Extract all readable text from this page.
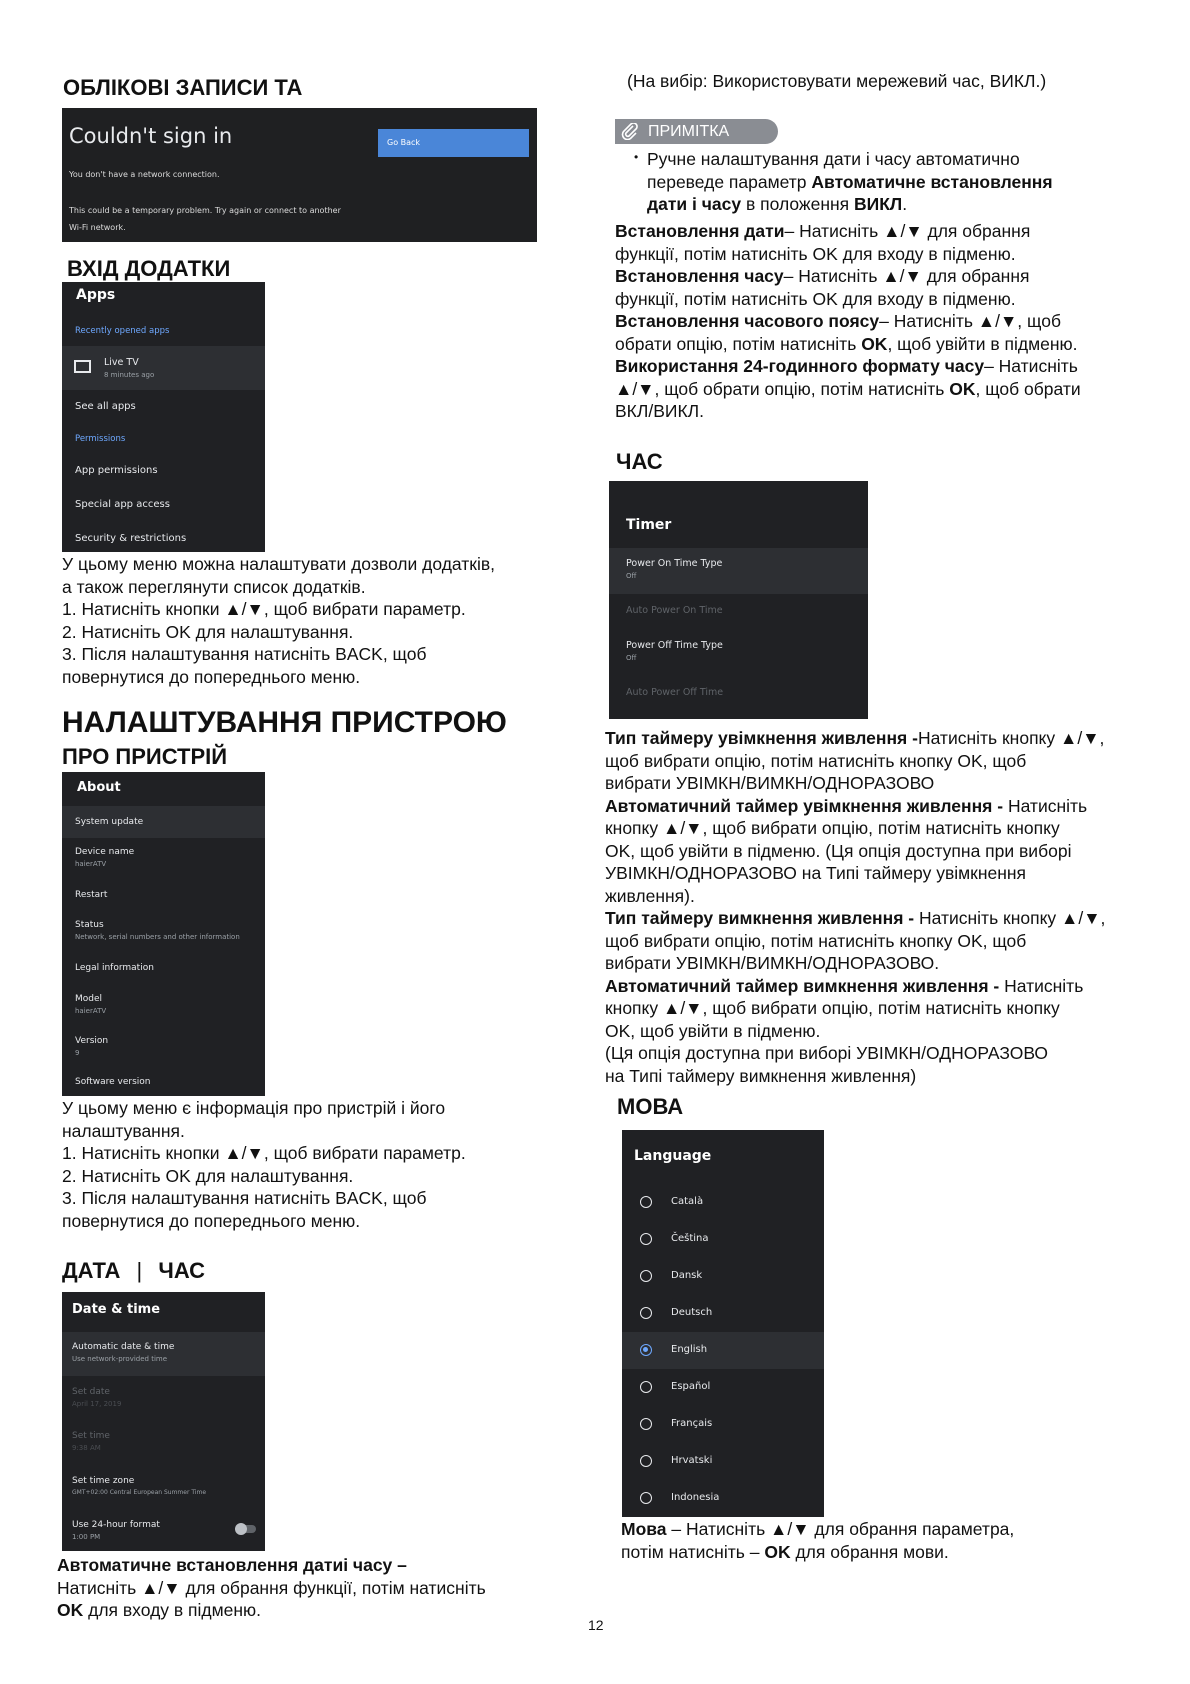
ОБЛІКОВІ ЗАПИСИ ТА
Couldn't sign in	Go Back
You don't have a network connection.
This could be a temporary problem. Try again or connect to another
Wi-Fi network.
ВХІД ДОДАТКИ
Apps
Recently opened apps
Live TV
8 minutes ago
See all apps
Permissions
App permissions
Special app access
Security & restrictions
У цьому меню можна налаштувати дозволи додатків,
а також переглянути список додатків.
1. Натисніть кнопки ▲/▼, щоб вибрати параметр.
2. Натисніть OK для налаштування.
3. Після налаштування натисніть BACK, щоб
повернутися до попереднього меню.
НАЛАШТУВАННЯ ПРИСТРОЮ
ПРО ПРИСТРІЙ
About
System update
Device name
haierATV
Restart
Status
Network, serial numbers and other information
Legal information
Model
haierATV
Version
9
Software version
У цьому меню є інформація про пристрій і його
налаштування.
1. Натисніть кнопки ▲/▼, щоб вибрати параметр.
2. Натисніть OK для налаштування.
3. Після налаштування натисніть BACK, щоб
повернутися до попереднього меню.
ДАТА | ЧАС
Date & time
Automatic date & time
Use network-provided time
Set date
April 17, 2019
Set time
9:38 AM
Set time zone
GMT+02:00 Central European Summer Time
Use 24-hour format
1:00 PM
Автоматичне встановлення датиі часу –
Натисніть ▲/▼ для обрання функції, потім натисніть
OK для входу в підменю.
(На вибір: Використовувати мережевий час, ВИКЛ.)
ПРИМІТКА
• Ручне налаштування дати і часу автоматично
переведе параметр Автоматичне встановлення
дати і часу в положення ВИКЛ.
Встановлення дати– Натисніть ▲/▼ для обрання
функції, потім натисніть OK для входу в підменю.
Встановлення часу– Натисніть ▲/▼ для обрання
функції, потім натисніть OK для входу в підменю.
Встановлення часового поясу– Натисніть ▲/▼, щоб
обрати опцію, потім натисніть OK, щоб увійти в підменю.
Використання 24-годинного формату часу– Натисніть
▲/▼, щоб обрати опцію, потім натисніть OK, щоб обрати
ВКЛ/ВИКЛ.
ЧАС
Timer
Power On Time Type
Off
Auto Power On Time
Power Off Time Type
Off
Auto Power Off Time
Тип таймеру увімкнення живлення -Натисніть кнопку ▲/▼,
щоб вибрати опцію, потім натисніть кнопку OK, щоб
вибрати УВІМКН/ВИМКН/ОДНОРАЗОВО
Автоматичний таймер увімкнення живлення - Натисніть
кнопку ▲/▼, щоб вибрати опцію, потім натисніть кнопку
OK, щоб увійти в підменю. (Ця опція доступна при виборі
УВІМКН/ОДНОРАЗОВО на Типі таймеру увімкнення
живлення).
Тип таймеру вимкнення живлення - Натисніть кнопку ▲/▼,
щоб вибрати опцію, потім натисніть кнопку OK, щоб
вибрати УВІМКН/ВИМКН/ОДНОРАЗОВО.
Автоматичний таймер вимкнення живлення - Натисніть
кнопку ▲/▼, щоб вибрати опцію, потім натисніть кнопку
OK, щоб увійти в підменю.
(Ця опція доступна при виборі УВІМКН/ОДНОРАЗОВО
на Типі таймеру вимкнення живлення)
МОВА
Language
Català
Čeština
Dansk
Deutsch
English
Español
Français
Hrvatski
Indonesia
Мова – Натисніть ▲/▼ для обрання параметра,
потім натисніть – OK для обрання мови.
12
